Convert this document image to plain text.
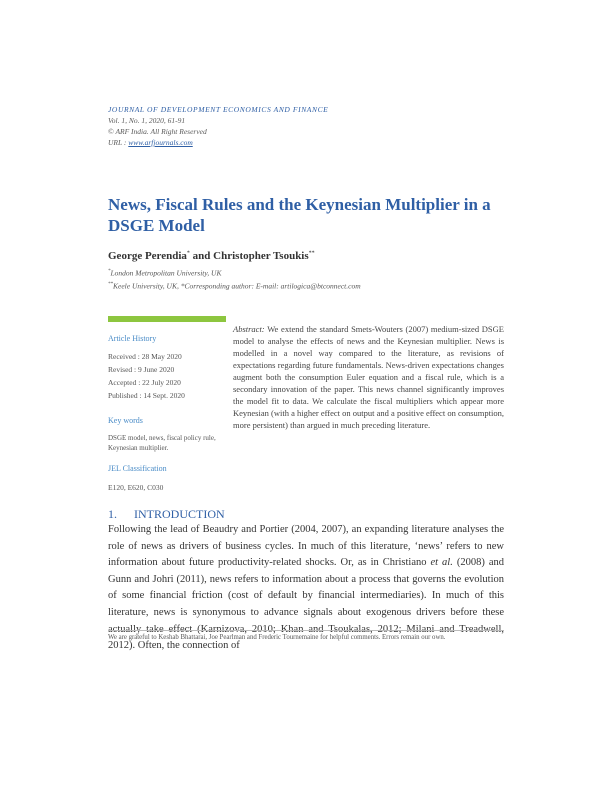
JOURNAL OF DEVELOPMENT ECONOMICS AND FINANCE
Vol. 1, No. 1, 2020, 61-91
© ARF India. All Right Reserved
URL : www.arfjournals.com
News, Fiscal Rules and the Keynesian Multiplier in a DSGE Model
George Perendia* and Christopher Tsoukis**
*London Metropolitan University, UK
**Keele University, UK, *Corresponding author: E-mail: artilogica@btconnect.com
Article History
Received : 28 May 2020
Revised : 9 June 2020
Accepted : 22 July 2020
Published : 14 Sept. 2020
Key words
DSGE model, news, fiscal policy rule, Keynesian multiplier.
JEL Classification
E120, E620, C030
Abstract: We extend the standard Smets-Wouters (2007) medium-sized DSGE model to analyse the effects of news and the Keynesian multiplier. News is modelled in a novel way compared to the literature, as revisions of expectations regarding future fundamentals. News-driven expectations changes augment both the consumption Euler equation and a fiscal rule, which is a secondary innovation of the paper. This news channel significantly improves the model fit to data. We calculate the fiscal multipliers which appear more Keynesian (with a higher effect on output and a positive effect on consumption, more persistent) than argued in much preceding literature.
1. INTRODUCTION
Following the lead of Beaudry and Portier (2004, 2007), an expanding literature analyses the role of news as drivers of business cycles. In much of this literature, ‘news’ refers to new information about future productivity-related shocks. Or, as in Christiano et al. (2008) and Gunn and Johri (2011), news refers to information about a process that governs the evolution of some financial friction (cost of default by financial intermediaries). In much of this literature, news is synonymous to advance signals about exogenous drivers before these 2012). Often, the connection of
We are grateful to Keshab Bhattarai, Joe Pearlman and Frederic Tournemaine for helpful comments. Errors remain our own.
